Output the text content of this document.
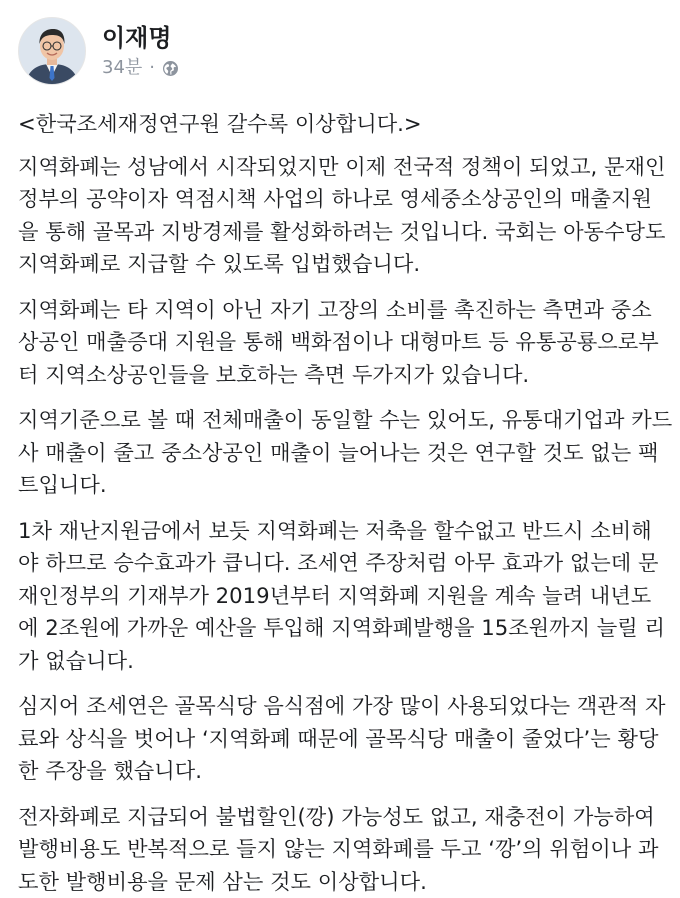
이재명
34분 ·

<한국조세재정연구원 갈수록 이상합니다.>

지역화폐는 성남에서 시작되었지만 이제 전국적 정책이 되었고, 문재인
정부의 공약이자 역점시책 사업의 하나로 영세중소상공인의 매출지원
을 통해 골목과 지방경제를 활성화하려는 것입니다. 국회는 아동수당도
지역화폐로 지급할 수 있도록 입법했습니다.

지역화폐는 타 지역이 아닌 자기 고장의 소비를 촉진하는 측면과 중소
상공인 매출증대 지원을 통해 백화점이나 대형마트 등 유통공룡으로부
터 지역소상공인들을 보호하는 측면 두가지가 있습니다.

지역기준으로 볼 때 전체매출이 동일할 수는 있어도, 유통대기업과 카드
사 매출이 줄고 중소상공인 매출이 늘어나는 것은 연구할 것도 없는 팩
트입니다.

1차 재난지원금에서 보듯 지역화폐는 저축을 할수없고 반드시 소비해
야 하므로 승수효과가 큽니다. 조세연 주장처럼 아무 효과가 없는데 문
재인정부의 기재부가 2019년부터 지역화폐 지원을 계속 늘려 내년도
에 2조원에 가까운 예산을 투입해 지역화폐발행을 15조원까지 늘릴 리
가 없습니다.

심지어 조세연은 골목식당 음식점에 가장 많이 사용되었다는 객관적 자
료와 상식을 벗어나 ‘지역화폐 때문에 골목식당 매출이 줄었다’는 황당
한 주장을 했습니다.

전자화폐로 지급되어 불법할인(깡) 가능성도 없고, 재충전이 가능하여
발행비용도 반복적으로 들지 않는 지역화폐를 두고 ‘깡’의 위험이나 과
도한 발행비용을 문제 삼는 것도 이상합니다.
